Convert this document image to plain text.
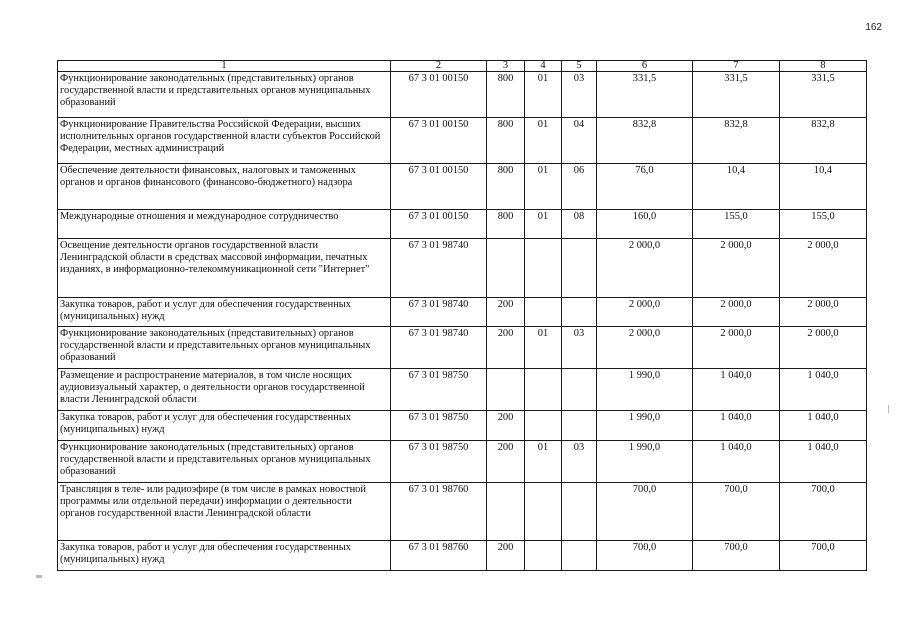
162
1	2	3	4	5	6	7	8
Функционирование законодательных (представительных) органов государственной власти и представительных органов муниципальных образований	67 3 01 00150	800	01	03	331,5	331,5	331,5
Функционирование Правительства Российской Федерации, высших исполнительных органов государственной власти субъектов Российской Федерации, местных администраций	67 3 01 00150	800	01	04	832,8	832,8	832,8
Обеспечение деятельности финансовых, налоговых и таможенных органов и органов финансового (финансово-бюджетного) надзора	67 3 01 00150	800	01	06	76,0	10,4	10,4
Международные отношения и международное сотрудничество	67 3 01 00150	800	01	08	160,0	155,0	155,0
Освещение деятельности органов государственной власти Ленинградской области в средствах массовой информации, печатных изданиях, в информационно-телекоммуникационной сети "Интернет"	67 3 01 98740				2 000,0	2 000,0	2 000,0
Закупка товаров, работ и услуг для обеспечения государственных (муниципальных) нужд	67 3 01 98740	200			2 000,0	2 000,0	2 000,0
Функционирование законодательных (представительных) органов государственной власти и представительных органов муниципальных образований	67 3 01 98740	200	01	03	2 000,0	2 000,0	2 000,0
Размещение и распространение материалов, в том числе носящих аудиовизуальный характер, о деятельности органов государственной власти Ленинградской области	67 3 01 98750				1 990,0	1 040,0	1 040,0
Закупка товаров, работ и услуг для обеспечения государственных (муниципальных) нужд	67 3 01 98750	200			1 990,0	1 040,0	1 040,0
Функционирование законодательных (представительных) органов государственной власти и представительных органов муниципальных образований	67 3 01 98750	200	01	03	1 990,0	1 040,0	1 040,0
Трансляция в теле- или радиоэфире (в том числе в рамках новостной программы или отдельной передачи) информации о деятельности органов государственной власти Ленинградской области	67 3 01 98760				700,0	700,0	700,0
Закупка товаров, работ и услуг для обеспечения государственных (муниципальных) нужд	67 3 01 98760	200			700,0	700,0	700,0
